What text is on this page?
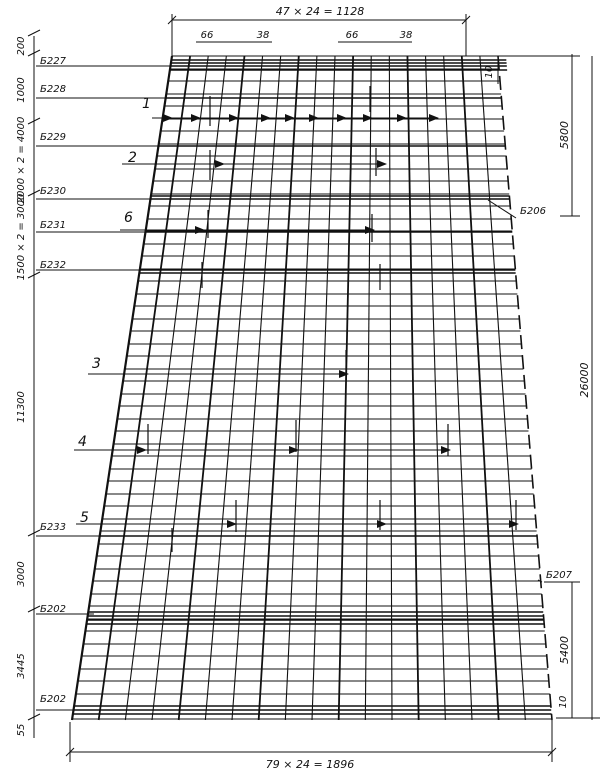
47 × 24 = 1128
66	38	66	38
79 × 24 = 1896
5800
26000
5400
10
10
200
1000
2000 × 2 = 4000
1500 × 2 = 3000
11300
3000
3445
55
Б227
Б228
Б229
Б230
Б231
Б232
Б233
Б202
Б202
Б206
Б207
1
2
6
3
4
5
